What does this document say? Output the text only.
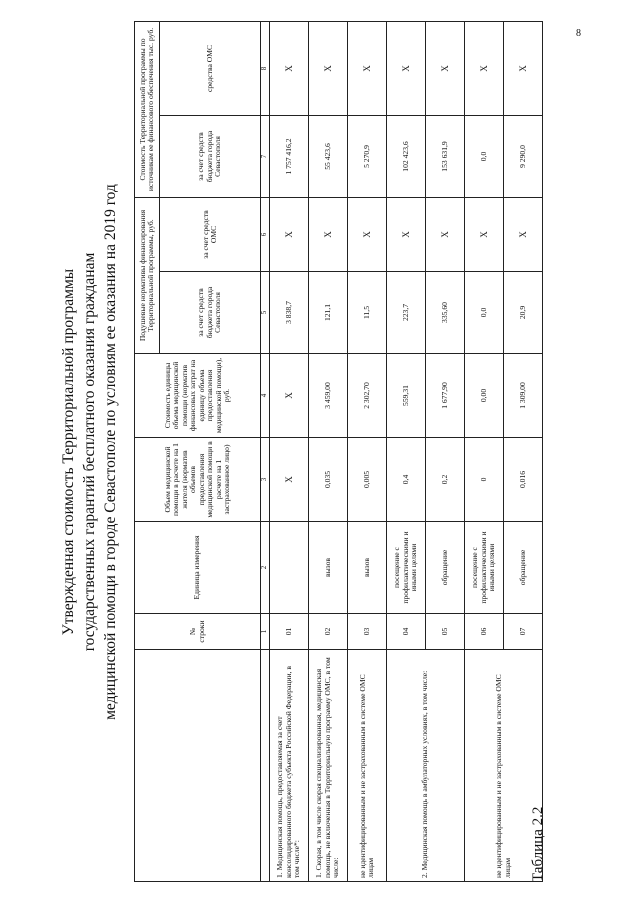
8
Таблица 2.2
Утвержденная стоимость Территориальной программы государственных гарантий бесплатного оказания гражданам медицинской помощи в городе Севастополе по условиям ее оказания на 2019 год
		№ строки	Единица измерения	Объем медицинской помощи в расчете на 1 жителя (норматив объемов предоставления медицинской помощи в расчете на 1 застрахованное лицо)	Стоимость единицы объема медицинской помощи (норматив финансовых затрат на единицу объема предоставления медицинской помощи), руб.	Подушевые нормативы финансирования Территориальной программы, руб.		Стоимость Территориальной программы по источникам ее финансового обеспечения тыс. руб.	
					за счет средств бюджета города Севастополя	за счет средств ОМС	за счет средств бюджета города Севастополя	средства ОМС
	1	2	3	4	5	6	7	8
1. Медицинская помощь, предоставляемая за счет консолидированного бюджета субъекта Российской Федерации, в том числе*:	01		Х	Х	3 838,7	Х	1 757 416,2	Х
1. Скорая, в том числе скорая специализированная, медицинская помощь, не включенная в Территориальную программу ОМС, в том числе:	02	вызов	0,035	3 459,00	121,1	Х	55 423,6	Х
не идентифицированным и не застрахованным в системе ОМС лицам	03	вызов	0,005	2 302,70	11,5	Х	5 270,9	Х
2. Медицинская помощь в амбулаторных условиях, в том числе:	04	посещение с профилактическими и иными целями	0,4	559,31	223,7	Х	102 423,6	Х
	05	обращение	0,2	1 677,90	335,60	Х	153 631,9	Х
не идентифицированным и не застрахованным в системе ОМС лицам	06	посещение с профилактическими и иными целями	0	0,00	0,0	Х	0,0	Х
	07	обращение	0,016	1 309,00	20,9	Х	9 290,0	Х
